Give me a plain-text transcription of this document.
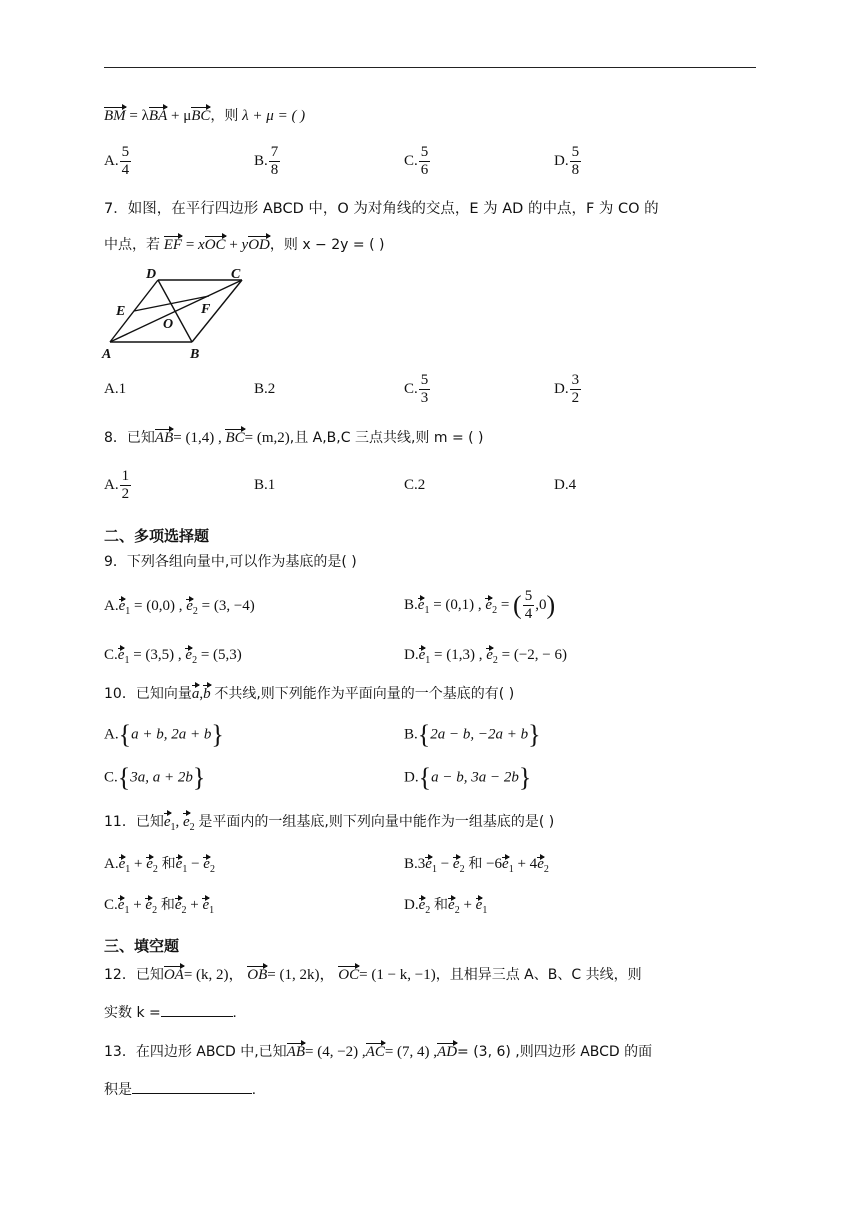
BM = λBA + μBC，则 λ + μ = ( )
A. $\frac{5}{4}$	B. $\frac{7}{8}$	C. $\frac{5}{6}$	D. $\frac{5}{8}$
7．如图，在平行四边形 ABCD 中，O 为对角线的交点，E 为 AD 的中点，F 为 CO 的
中点，若 EF = xOC + yOD，则 x − 2y = ( )
A	B
C
D
E	F
O
A.1	B.2	C. $\frac{5}{3}$	D. $\frac{3}{2}$
8．已知AB= (1,4) , BC= (m,2),且 A,B,C 三点共线,则 m = ( )
A. $\frac{1}{2}$	B.1	C.2	D.4
二、多项选择题
9．下列各组向量中,可以作为基底的是( )
$A.e_1 = (0,0)$ , $e_2 = (3$, −4)	$B.e_1 = (0,1)$ , $e_2$ = ( $\frac{5}{4} ,0$)
$C.e_1 = (3,5)$ , $e_2 = (5,3)$	$D.e_1 = (1,3)$ , $e_2 = (-2$, − 6)
10．已知向量a,b 不共线,则下列能作为平面向量的一个基底的有( )
A.{a + b, 2a + b}	B.{2a − b, −2a + b}
C.{3a, a + 2b}	D.{a − b, 3a − 2b}
11．已知$e_1$, $e_2$ 是平面内的一组基底,则下列向量中能作为一组基底的是( )
$A.e_1 + e_2$ 和$e_1 - e_2$	$B.3e_1 - e_2$ 和 $-6e_1 + 4e_2$
$C.e_1 + e_2$ 和$e_2 + e_1$	$D.e_2$ 和$e_2 + e_1$
三、填空题
12．已知OA= (k, 2)， OB= (1, 2k)， OC= (1 − k, −1)，且相异三点 A、B、C 共线，则
实数 k =	.
13．在四边形 ABCD 中,已知AB= (4, −2) ,AC= (7, 4) ,AD= (3, 6) ,则四边形 ABCD 的面
积是	.
